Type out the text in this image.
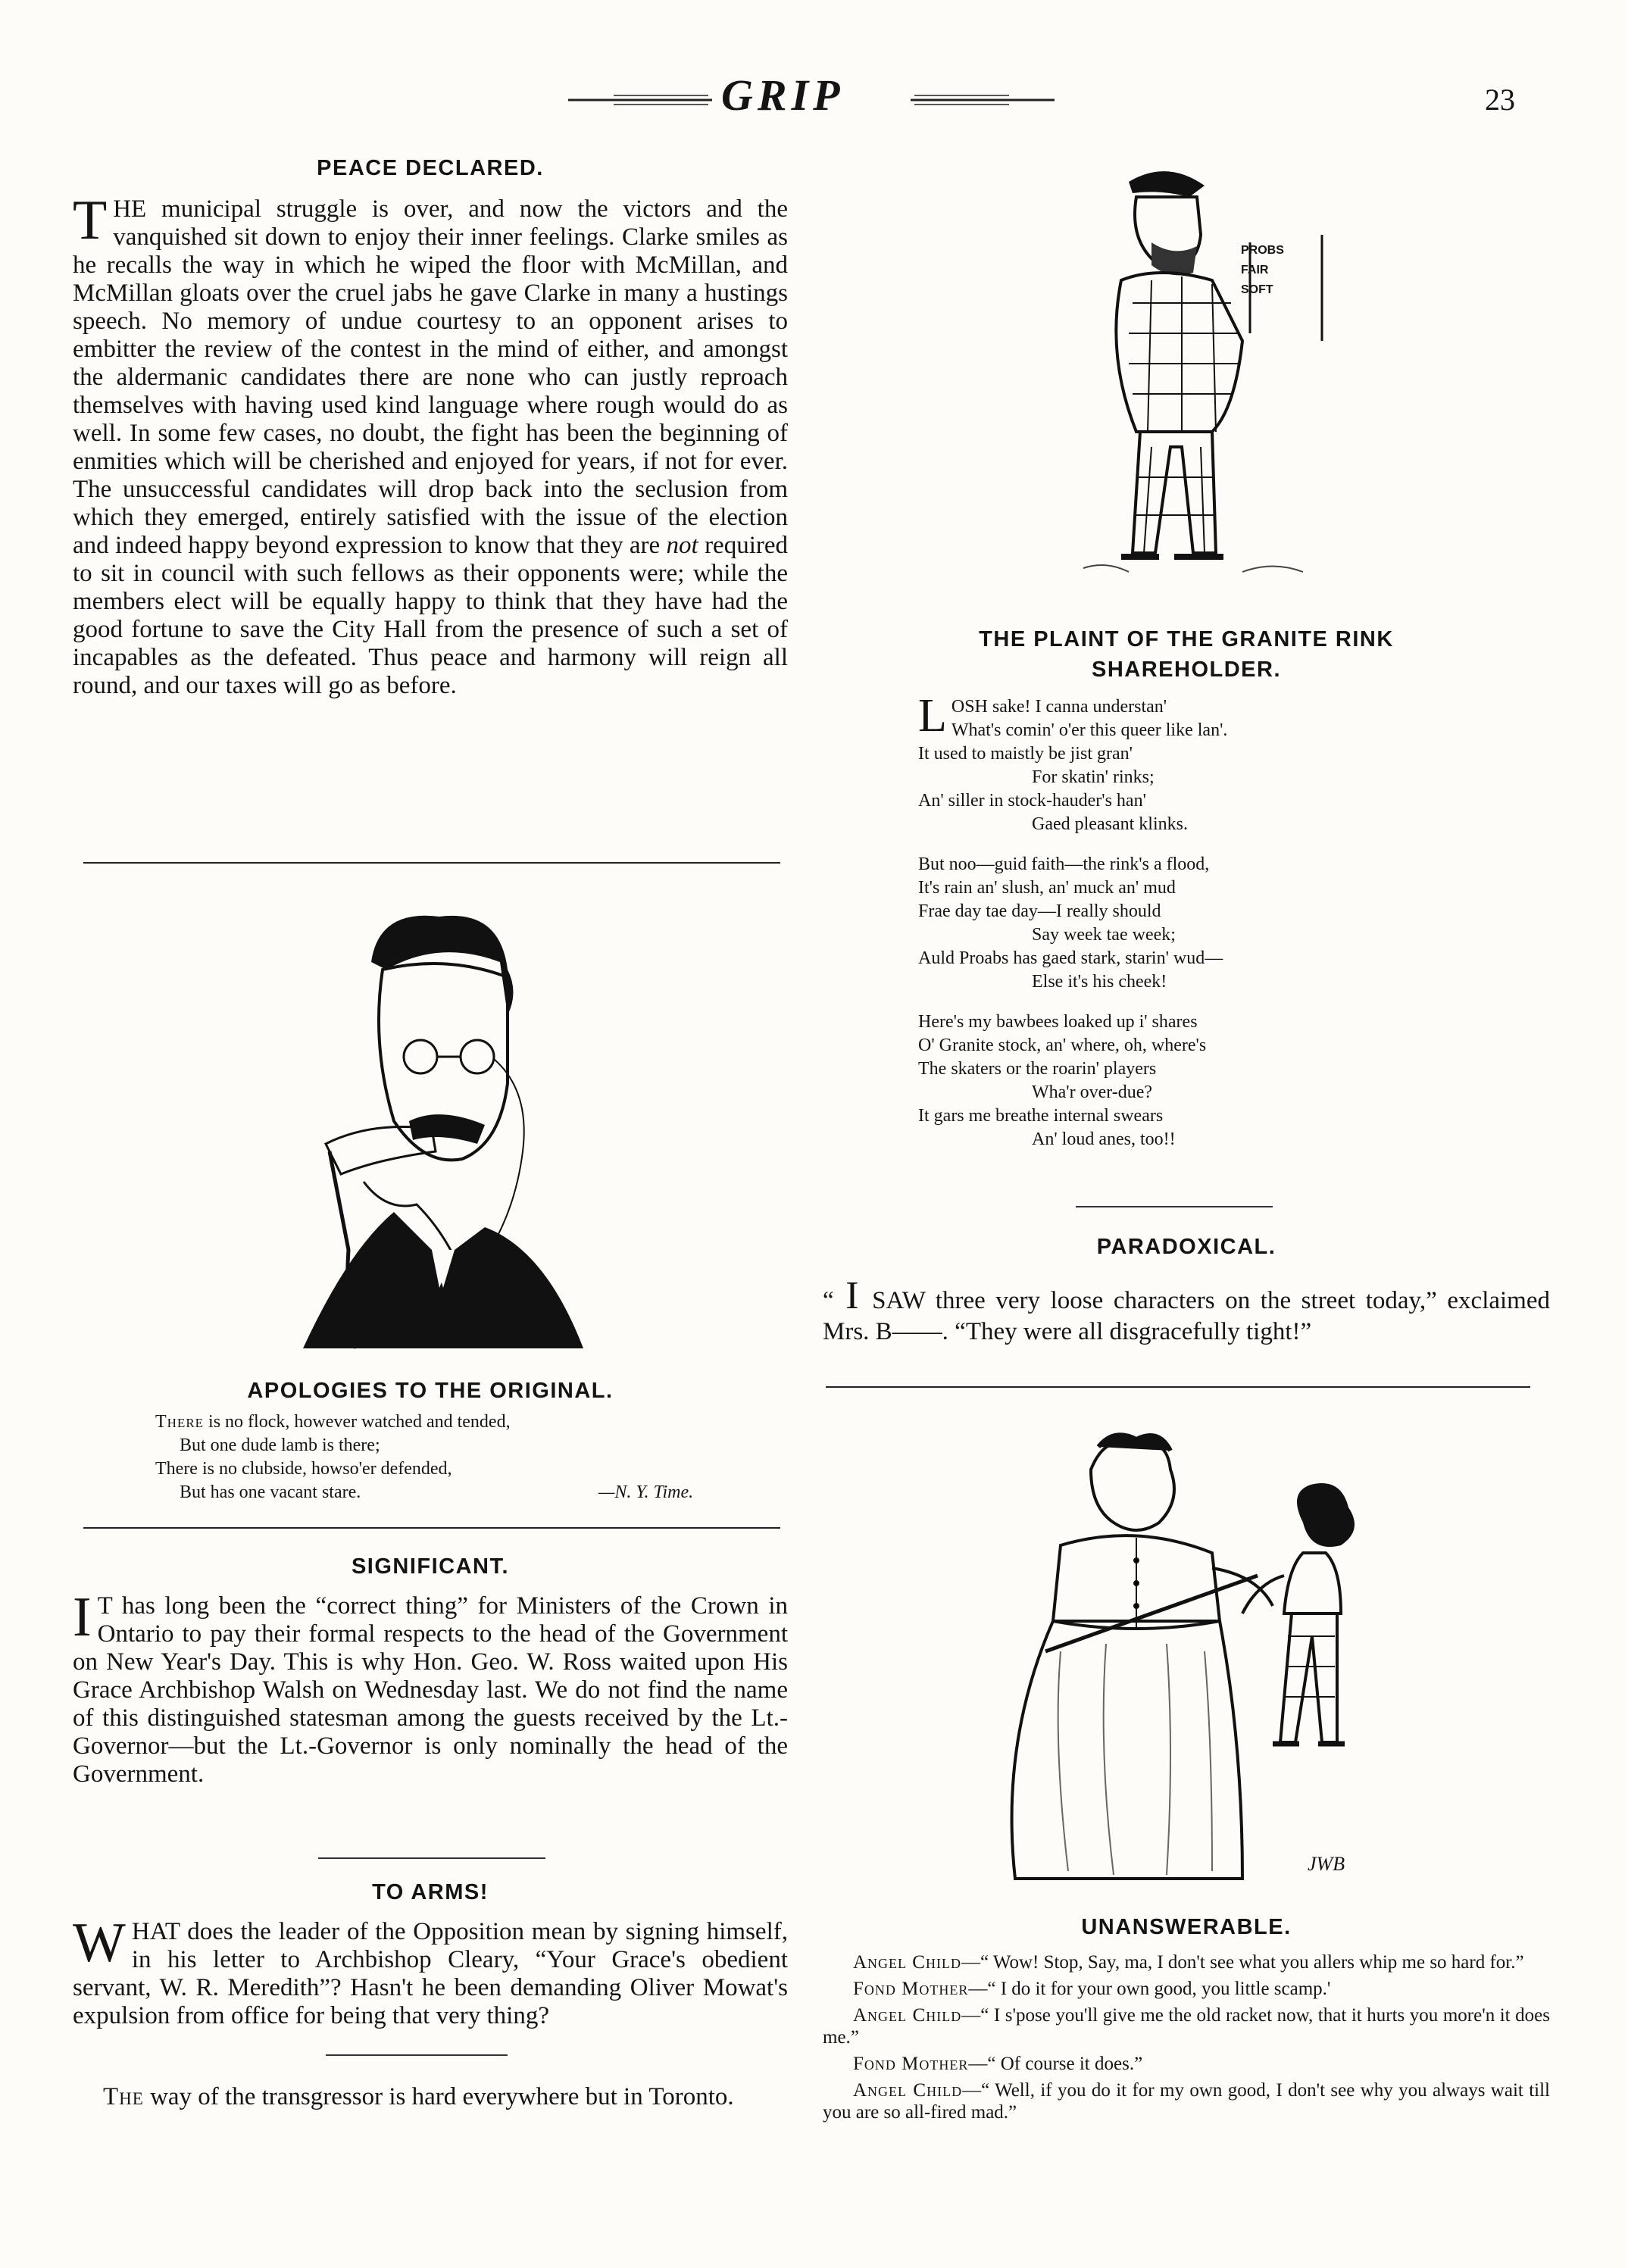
GRIP	23
PEACE DECLARED.

THE municipal struggle is over, and now the victors and the vanquished sit down to enjoy their inner feelings. Clarke smiles as he recalls the way in which he wiped the floor with McMillan, and McMillan gloats over the cruel jabs he gave Clarke in many a hustings speech. No memory of undue courtesy to an opponent arises to embitter the review of the contest in the mind of either, and amongst the aldermanic candidates there are none who can justly reproach themselves with having used kind language where rough would do as well. In some few cases, no doubt, the fight has been the beginning of enmities which will be cherished and enjoyed for years, if not for ever. The unsuccessful candidates will drop back into the seclusion from which they emerged, entirely satisfied with the issue of the election and indeed happy beyond expression to know that they are not required to sit in council with such fellows as their opponents were; while the members elect will be equally happy to think that they have had the good fortune to save the City Hall from the presence of such a set of incapables as the defeated. Thus peace and harmony will reign all round, and our taxes will go as before.

APOLOGIES TO THE ORIGINAL.
There is no flock, however watched and tended,
But one dude lamb is there;
There is no clubside, howso'er defended,
But has one vacant stare.	—N. Y. Time.
SIGNIFICANT.

I T has long been the “correct thing” for Ministers of the Crown in Ontario to pay their formal respects to the head of the Government on New Year's Day. This is why Hon. Geo. W. Ross waited upon His Grace Archbishop Walsh on Wednesday last. We do not find the name of this distinguished statesman among the guests received by the Lt.-Governor—but the Lt.-Governor is only nominally the head of the Government.

TO ARMS!

WHAT does the leader of the Opposition mean by signing himself, in his letter to Archbishop Cleary, “Your Grace's obedient servant, W. R. Meredith”? Hasn't he been demanding Oliver Mowat's expulsion from office for being that very thing?

The way of the transgressor is hard everywhere but in Toronto.

PROBS
FAIR
SOFT
THE PLAINT OF THE GRANITE RINK
SHAREHOLDER.
L OSH sake! I canna understan'
What's comin' o'er this queer like lan'.
It used to maistly be jist gran'
For skatin' rinks;
An' siller in stock-hauder's han'
Gaed pleasant klinks.
But noo—guid faith—the rink's a flood,
It's rain an' slush, an' muck an' mud
Frae day tae day—I really should
Say week tae week;
Auld Proabs has gaed stark, starin' wud—
Else it's his cheek!
Here's my bawbees loaked up i' shares
O' Granite stock, an' where, oh, where's
The skaters or the roarin' players
Wha'r over-due?
It gars me breathe internal swears
An' loud anes, too!!
PARADOXICAL.

“ I SAW three very loose characters on the street today,” exclaimed Mrs. B——. “They were all disgracefully tight!”

JWB
UNANSWERABLE.

Angel Child—“ Wow! Stop, Say, ma, I don't see what you allers whip me so hard for.”

Fond Mother—“ I do it for your own good, you little scamp.'

Angel Child—“ I s'pose you'll give me the old racket now, that it hurts you more'n it does me.”

Fond Mother—“ Of course it does.”

Angel Child—“ Well, if you do it for my own good, I don't see why you always wait till you are so all-fired mad.”
